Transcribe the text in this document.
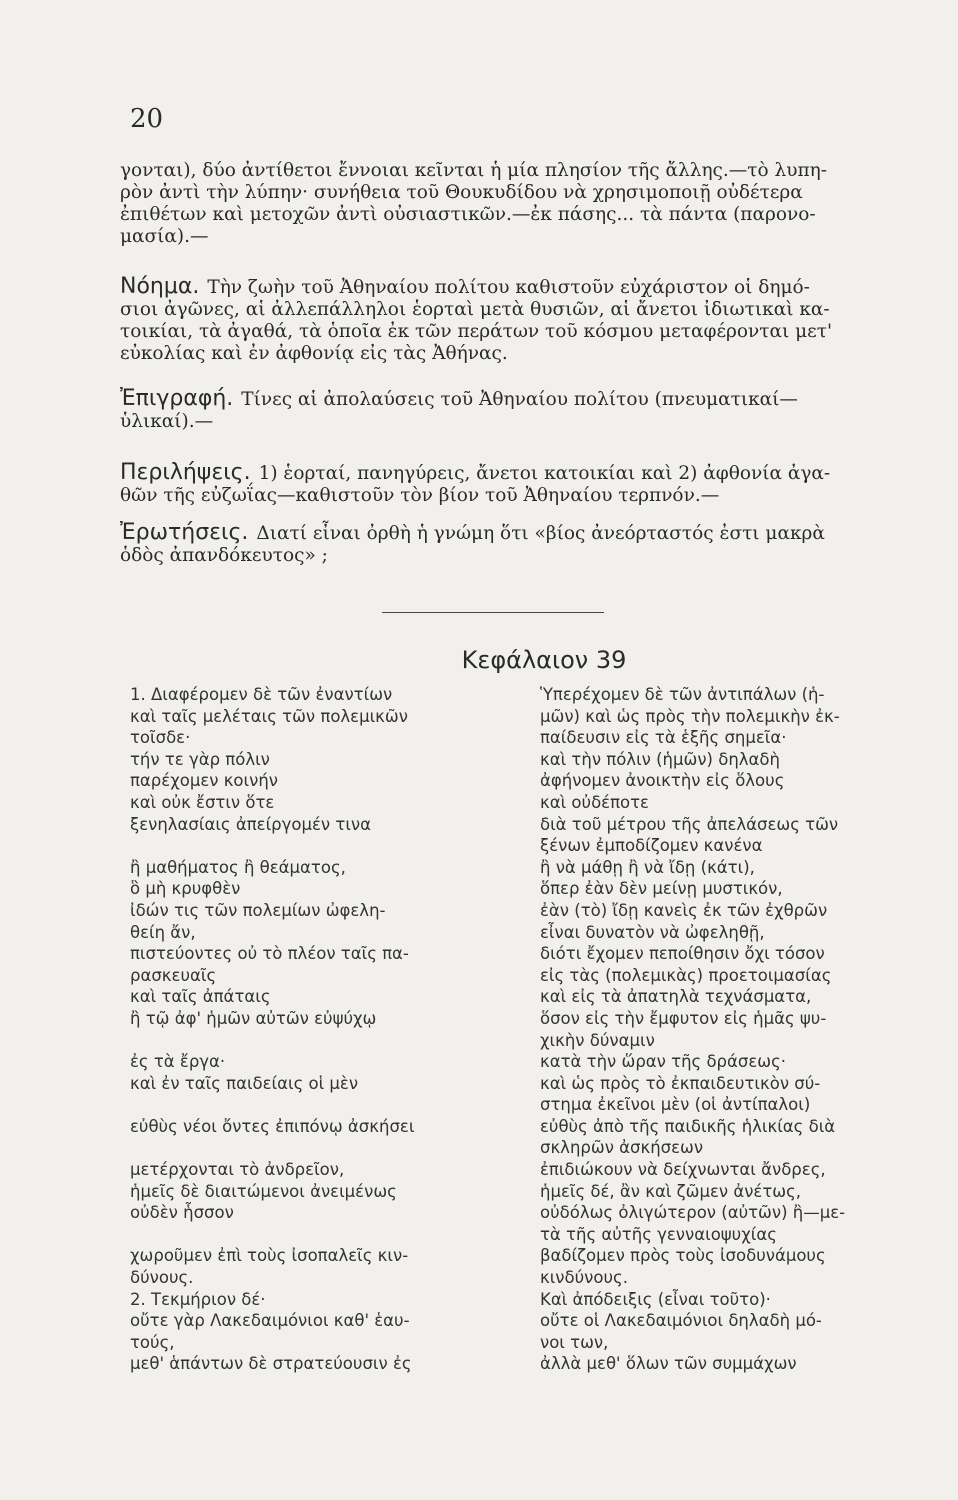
20

γονται), δύο ἀντίθετοι ἔννοιαι κεῖνται ἡ μία πλησίον τῆς ἄλλης.—τὸ λυπη-

ρὸν ἀντὶ τὴν λύπην· συνήθεια τοῦ Θουκυδίδου νὰ χρησιμοποιῇ οὐδέτερα

ἐπιθέτων καὶ μετοχῶν ἀντὶ οὐσιαστικῶν.—ἐκ πάσης... τὰ πάντα (παρονο-

μασία).—

Νόημα. Τὴν ζωὴν τοῦ Ἀθηναίου πολίτου καθιστοῦν εὐχάριστον οἱ δημό-

σιοι ἀγῶνες, αἱ ἀλλεπάλληλοι ἑορταὶ μετὰ θυσιῶν, αἱ ἄνετοι ἰδιωτικαὶ κα-

τοικίαι, τὰ ἀγαθά, τὰ ὁποῖα ἐκ τῶν περάτων τοῦ κόσμου μεταφέρονται μετ'

εὐκολίας καὶ ἐν ἀφθονίᾳ εἰς τὰς Ἀθήνας.

Ἐπιγραφή. Τίνες αἱ ἀπολαύσεις τοῦ Ἀθηναίου πολίτου (πνευματικαί—

ὑλικαί).—

Περιλήψεις. 1) ἑορταί, πανηγύρεις, ἄνετοι κατοικίαι καὶ 2) ἀφθονία ἀγα-

θῶν τῆς εὐζωΐας—καθιστοῦν τὸν βίον τοῦ Ἀθηναίου τερπνόν.—

Ἐρωτήσεις. Διατί εἶναι ὀρθὴ ἡ γνώμη ὅτι «βίος ἀνεόρταστός ἐστι μακρὰ

ὁδὸς ἀπανδόκευτος» ;

Κεφάλαιον 39
1. Διαφέρομεν δὲ τῶν ἐναντίων
καὶ ταῖς μελέταις τῶν πολεμικῶν
τοῖσδε·
τήν τε γὰρ πόλιν
παρέχομεν κοινήν
καὶ οὐκ ἔστιν ὅτε
ξενηλασίαις ἀπείργομέν τινα
ἢ μαθήματος ἢ θεάματος,
ὃ μὴ κρυφθὲν
ἰδών τις τῶν πολεμίων ὠφελη-
θείη ἄν,
πιστεύοντες οὐ τὸ πλέον ταῖς πα-
ρασκευαῖς
καὶ ταῖς ἀπάταις
ἢ τῷ ἀφ' ἡμῶν αὐτῶν εὐψύχῳ
ἐς τὰ ἔργα·
καὶ ἐν ταῖς παιδείαις οἱ μὲν
εὐθὺς νέοι ὄντες ἐπιπόνῳ ἀσκήσει
μετέρχονται τὸ ἀνδρεῖον,
ἡμεῖς δὲ διαιτώμενοι ἀνειμένως
οὐδὲν ἧσσον
χωροῦμεν ἐπὶ τοὺς ἰσοπαλεῖς κιν-
δύνους.
2. Τεκμήριον δέ·
οὔτε γὰρ Λακεδαιμόνιοι καθ' ἑαυ-
τούς,
μεθ' ἁπάντων δὲ στρατεύουσιν ἐς
Ὑπερέχομεν δὲ τῶν ἀντιπάλων (ἡ-
μῶν) καὶ ὡς πρὸς τὴν πολεμικὴν ἐκ-
παίδευσιν εἰς τὰ ἑξῆς σημεῖα·
καὶ τὴν πόλιν (ἡμῶν) δηλαδὴ
ἀφήνομεν ἀνοικτὴν εἰς ὅλους
καὶ οὐδέποτε
διὰ τοῦ μέτρου τῆς ἀπελάσεως τῶν
ξένων ἐμποδίζομεν κανένα
ἢ νὰ μάθῃ ἢ νὰ ἴδῃ (κάτι),
ὅπερ ἐὰν δὲν μείνῃ μυστικόν,
ἐὰν (τὸ) ἴδῃ κανεὶς ἐκ τῶν ἐχθρῶν
εἶναι δυνατὸν νὰ ὠφεληθῇ,
διότι ἔχομεν πεποίθησιν ὄχι τόσον
εἰς τὰς (πολεμικὰς) προετοιμασίας
καὶ εἰς τὰ ἀπατηλὰ τεχνάσματα,
ὅσον εἰς τὴν ἔμφυτον εἰς ἡμᾶς ψυ-
χικὴν δύναμιν
κατὰ τὴν ὥραν τῆς δράσεως·
καὶ ὡς πρὸς τὸ ἐκπαιδευτικὸν σύ-
στημα ἐκεῖνοι μὲν (οἱ ἀντίπαλοι)
εὐθὺς ἀπὸ τῆς παιδικῆς ἡλικίας διὰ
σκληρῶν ἀσκήσεων
ἐπιδιώκουν νὰ δείχνωνται ἄνδρες,
ἡμεῖς δέ, ἂν καὶ ζῶμεν ἀνέτως,
οὐδόλως ὀλιγώτερον (αὐτῶν) ἢ—με-
τὰ τῆς αὐτῆς γενναιοψυχίας
βαδίζομεν πρὸς τοὺς ἰσοδυνάμους
κινδύνους.
Καὶ ἀπόδειξις (εἶναι τοῦτο)·
οὔτε οἱ Λακεδαιμόνιοι δηλαδὴ μό-
νοι των,
ἀλλὰ μεθ' ὅλων τῶν συμμάχων
